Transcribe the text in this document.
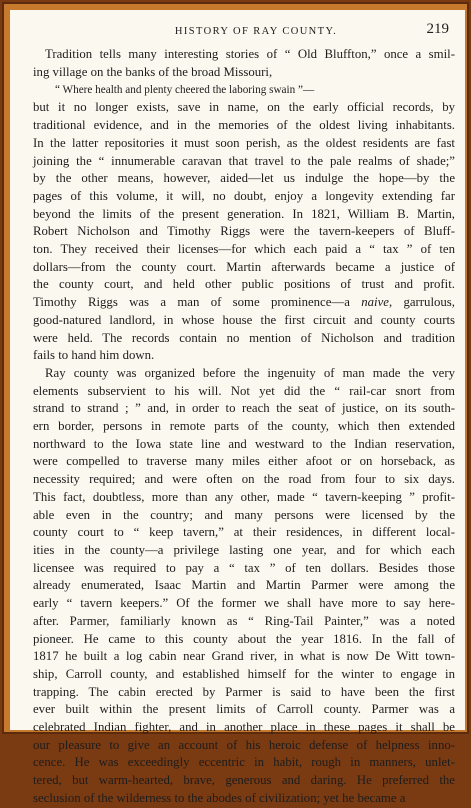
HISTORY OF RAY COUNTY.	219

Tradition tells many interesting stories of “ Old Bluffton,” once a smil-
ing village on the banks of the broad Missouri,

“ Where health and plenty cheered the laboring swain ”—

but it no longer exists, save in name, on the early official records, by
traditional evidence, and in the memories of the oldest living inhabitants.
In the latter repositories it must soon perish, as the oldest residents are fast
joining the “ innumerable caravan that travel to the pale realms of shade;”
by the other means, however, aided—let us indulge the hope—by the
pages of this volume, it will, no doubt, enjoy a longevity extending far
beyond the limits of the present generation. In 1821, William B. Martin,
Robert Nicholson and Timothy Riggs were the tavern-keepers of Bluff-
ton. They received their licenses—for which each paid a “ tax ” of ten
dollars—from the county court. Martin afterwards became a justice of
the county court, and held other public positions of trust and profit.
Timothy Riggs was a man of some prominence—a naive, garrulous,
good-natured landlord, in whose house the first circuit and county courts
were held. The records contain no mention of Nicholson and tradition
fails to hand him down.

Ray county was organized before the ingenuity of man made the very
elements subservient to his will. Not yet did the “ rail-car snort from
strand to strand ; ” and, in order to reach the seat of justice, on its south-
ern border, persons in remote parts of the county, which then extended
northward to the Iowa state line and westward to the Indian reservation,
were compelled to traverse many miles either afoot or on horseback, as
necessity required; and were often on the road from four to six days.
This fact, doubtless, more than any other, made “ tavern-keeping ” profit-
able even in the country; and many persons were licensed by the
county court to “ keep tavern,” at their residences, in different local-
ities in the county—a privilege lasting one year, and for which each
licensee was required to pay a “ tax ” of ten dollars. Besides those
already enumerated, Isaac Martin and Martin Parmer were among the
early “ tavern keepers.” Of the former we shall have more to say here-
after. Parmer, familiarly known as “ Ring-Tail Painter,” was a noted
pioneer. He came to this county about the year 1816. In the fall of
1817 he built a log cabin near Grand river, in what is now De Witt town-
ship, Carroll county, and established himself for the winter to engage in
trapping. The cabin erected by Parmer is said to have been the first
ever built within the present limits of Carroll county. Parmer was a
celebrated Indian fighter, and in another place in these pages it shall be
our pleasure to give an account of his heroic defense of helpness inno-
cence. He was exceedingly eccentric in habit, rough in manners, unlet-
tered, but warm-hearted, brave, generous and daring. He preferred the
seclusion of the wilderness to the abodes of civilization; yet he became a
